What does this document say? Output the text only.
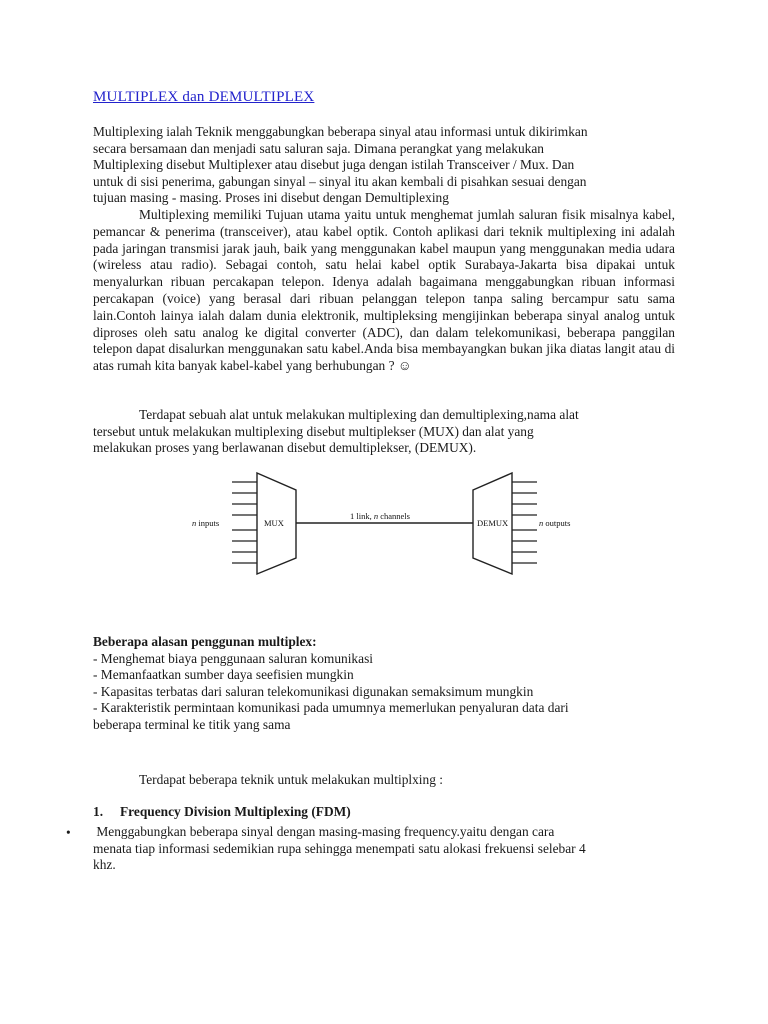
MULTIPLEX dan DEMULTIPLEX
Multiplexing ialah Teknik menggabungkan beberapa sinyal atau informasi untuk dikirimkan
secara bersamaan dan menjadi satu saluran saja. Dimana perangkat yang melakukan
Multiplexing disebut Multiplexer atau disebut juga dengan istilah Transceiver / Mux. Dan
untuk di sisi penerima, gabungan sinyal – sinyal itu akan kembali di pisahkan sesuai dengan
tujuan masing - masing. Proses ini disebut dengan Demultiplexing
Multiplexing memiliki Tujuan utama yaitu untuk menghemat jumlah saluran fisik misalnya kabel, pemancar & penerima (transceiver), atau kabel optik. Contoh aplikasi dari teknik multiplexing ini adalah pada jaringan transmisi jarak jauh, baik yang menggunakan kabel maupun yang menggunakan media udara (wireless atau radio). Sebagai contoh, satu helai kabel optik Surabaya-Jakarta bisa dipakai untuk menyalurkan ribuan percakapan telepon. Idenya adalah bagaimana menggabungkan ribuan informasi percakapan (voice) yang berasal dari ribuan pelanggan telepon tanpa saling bercampur satu sama lain.Contoh lainya ialah dalam dunia elektronik, multipleksing mengijinkan beberapa sinyal analog untuk diproses oleh satu analog ke digital converter (ADC), dan dalam telekomunikasi, beberapa panggilan telepon dapat disalurkan menggunakan satu kabel.Anda bisa membayangkan bukan jika diatas langit atau di atas rumah kita banyak kabel-kabel yang berhubungan ? ☺
Terdapat sebuah alat untuk melakukan multiplexing dan demultiplexing,nama alat
tersebut untuk melakukan multiplexing disebut multiplekser (MUX) dan alat yang
melakukan proses yang berlawanan disebut demultiplekser, (DEMUX).
n inputs	MUX
1 link, n channels
DEMUX	n outputs
Beberapa alasan penggunan multiplex:
- Menghemat biaya penggunaan saluran komunikasi
- Memanfaatkan sumber daya seefisien mungkin
- Kapasitas terbatas dari saluran telekomunikasi digunakan semaksimum mungkin
- Karakteristik permintaan komunikasi pada umumnya memerlukan penyaluran data dari
beberapa terminal ke titik yang sama
Terdapat beberapa teknik untuk melakukan multiplxing :
1. Frequency Division Multiplexing (FDM)
• Menggabungkan beberapa sinyal dengan masing-masing frequency.yaitu dengan cara
menata tiap informasi sedemikian rupa sehingga menempati satu alokasi frekuensi selebar 4
khz.
